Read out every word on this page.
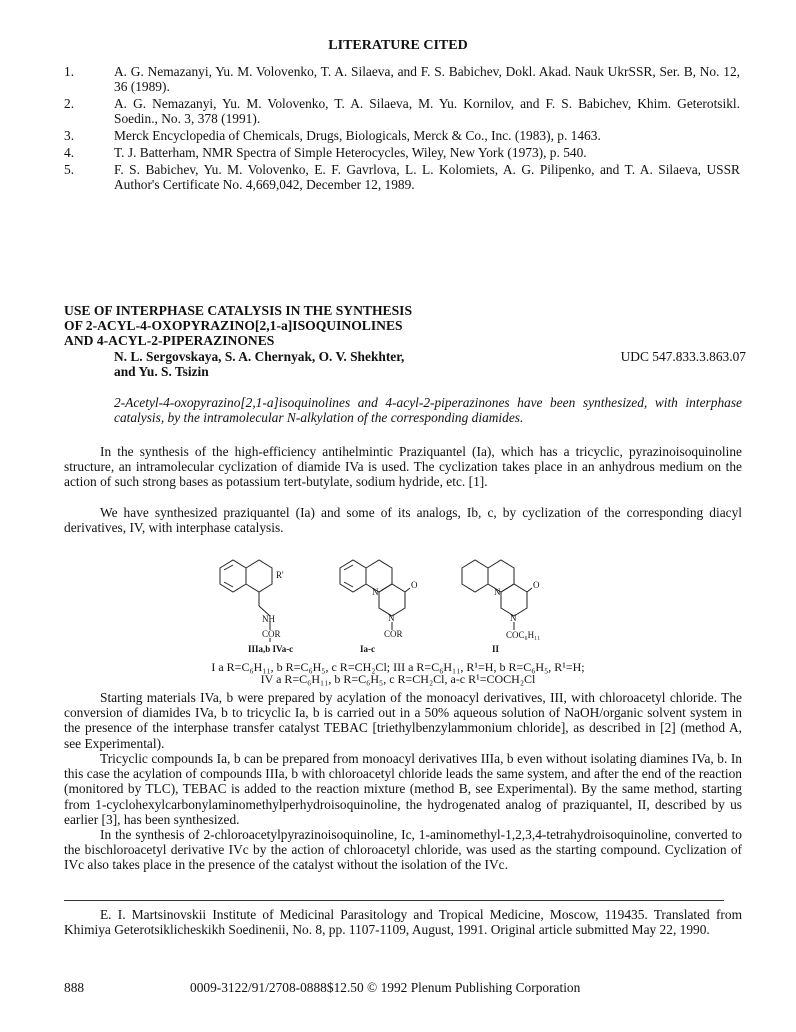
LITERATURE CITED
1.	A. G. Nemazanyi, Yu. M. Volovenko, T. A. Silaeva, and F. S. Babichev, Dokl. Akad. Nauk UkrSSR, Ser. B, No. 12, 36 (1989).
2.	A. G. Nemazanyi, Yu. M. Volovenko, T. A. Silaeva, M. Yu. Kornilov, and F. S. Babichev, Khim. Geterotsikl. Soedin., No. 3, 378 (1991).
3.	Merck Encyclopedia of Chemicals, Drugs, Biologicals, Merck & Co., Inc. (1983), p. 1463.
4.	T. J. Batterham, NMR Spectra of Simple Heterocycles, Wiley, New York (1973), p. 540.
5.	F. S. Babichev, Yu. M. Volovenko, E. F. Gavrlova, L. L. Kolomiets, A. G. Pilipenko, and T. A. Silaeva, USSR Author's Certificate No. 4,669,042, December 12, 1989.
USE OF INTERPHASE CATALYSIS IN THE SYNTHESIS
OF 2-ACYL-4-OXOPYRAZINO[2,1-a]ISOQUINOLINES
AND 4-ACYL-2-PIPERAZINONES
N. L. Sergovskaya, S. A. Chernyak, O. V. Shekhter,
and Yu. S. Tsizin
UDC 547.833.3.863.07
2-Acetyl-4-oxopyrazino[2,1-a]isoquinolines and 4-acyl-2-piperazinones have been synthesized, with interphase catalysis, by the intramolecular N-alkylation of the corresponding diamides.
In the synthesis of the high-efficiency antihelmintic Praziquantel (Ia), which has a tricyclic, pyrazinoisoquinoline structure, an intramolecular cyclization of diamide IVa is used. The cyclization takes place in an anhydrous medium on the action of such strong bases as potassium tert-butylate, sodium hydride, etc. [1].
We have synthesized praziquantel (Ia) and some of its analogs, Ib, c, by cyclization of the corresponding diacyl derivatives, IV, with interphase catalysis.
R'
NH
COR
IIIa,b IVa-c
N
O
N
COR
Ia-c
N
O
N
COC₆H₁₁
II
I a R=C₆H₁₁, b R=C₆H₅, c R=CH₂Cl; III a R=C₆H₁₁, R¹=H, b R=C₆H₅, R¹=H;
IV a R=C₆H₁₁, b R=C₆H₅, c R=CH₂Cl, a-c R¹=COCH₂Cl
Starting materials IVa, b were prepared by acylation of the monoacyl derivatives, III, with chloroacetyl chloride. The conversion of diamides IVa, b to tricyclic Ia, b is carried out in a 50% aqueous solution of NaOH/organic solvent system in the presence of the interphase transfer catalyst TEBAC [triethylbenzylammonium chloride], as described in [2] (method A, see Experimental).
Tricyclic compounds Ia, b can be prepared from monoacyl derivatives IIIa, b even without isolating diamines IVa, b. In this case the acylation of compounds IIIa, b with chloroacetyl chloride leads the same system, and after the end of the reaction (monitored by TLC), TEBAC is added to the reaction mixture (method B, see Experimental). By the same method, starting from 1-cyclohexylcarbonylaminomethylperhydroisoquinoline, the hydrogenated analog of praziquantel, II, described by us earlier [3], has been synthesized.
In the synthesis of 2-chloroacetylpyrazinoisoquinoline, Ic, 1-aminomethyl-1,2,3,4-tetrahydroisoquinoline, converted to the bischloroacetyl derivative IVc by the action of chloroacetyl chloride, was used as the starting compound. Cyclization of IVc also takes place in the presence of the catalyst without the isolation of the IVc.
E. I. Martsinovskii Institute of Medicinal Parasitology and Tropical Medicine, Moscow, 119435. Translated from Khimiya Geterotsiklicheskikh Soedinenii, No. 8, pp. 1107-1109, August, 1991. Original article submitted May 22, 1990.
888	0009-3122/91/2708-0888$12.50 © 1992 Plenum Publishing Corporation
